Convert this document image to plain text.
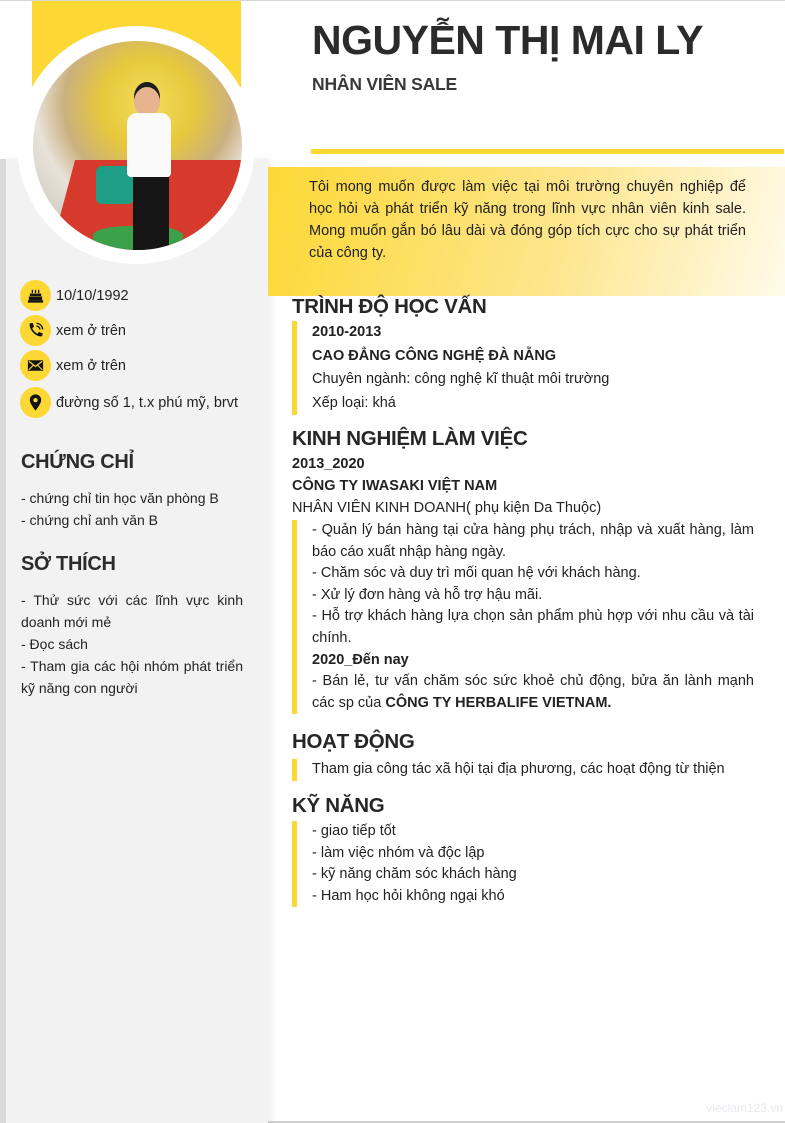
10/10/1992
xem ở trên
xem ở trên
đường số 1, t.x phú mỹ, brvt
CHỨNG CHỈ
- chứng chỉ tin học văn phòng B
- chứng chỉ anh văn B
SỞ THÍCH
- Thử sức với các lĩnh vực kinh doanh mới mẻ
- Đọc sách
- Tham gia các hội nhóm phát triển kỹ năng con người
NGUYỄN THỊ MAI LY
NHÂN VIÊN SALE

Tôi mong muốn được làm việc tại môi trường chuyên nghiệp để học hỏi và phát triển kỹ năng trong lĩnh vực nhân viên kinh sale. Mong muốn gắn bó lâu dài và đóng góp tích cực cho sự phát triển của công ty.

TRÌNH ĐỘ HỌC VẤN
2010-2013
CAO ĐẲNG CÔNG NGHỆ ĐÀ NẴNG
Chuyên ngành: công nghệ kĩ thuật môi trường
Xếp loại: khá
KINH NGHIỆM LÀM VIỆC
2013_2020
CÔNG TY IWASAKI VIỆT NAM
NHÂN VIÊN KINH DOANH( phụ kiện Da Thuộc)
- Quản lý bán hàng tại cửa hàng phụ trách, nhập và xuất hàng, làm báo cáo xuất nhập hàng ngày.
- Chăm sóc và duy trì mối quan hệ với khách hàng.
- Xử lý đơn hàng và hỗ trợ hậu mãi.
- Hỗ trợ khách hàng lựa chọn sản phẩm phù hợp với nhu cầu và tài chính.
2020_Đến nay
- Bán lẻ, tư vấn chăm sóc sức khoẻ chủ động, bửa ăn lành mạnh các sp của CÔNG TY HERBALIFE VIETNAM.
HOẠT ĐỘNG
Tham gia công tác xã hội tại địa phương, các hoạt động từ thiện
KỸ NĂNG
- giao tiếp tốt
- làm việc nhóm và độc lập
- kỹ năng chăm sóc khách hàng
- Ham học hỏi không ngại khó
vieclam123.vn
